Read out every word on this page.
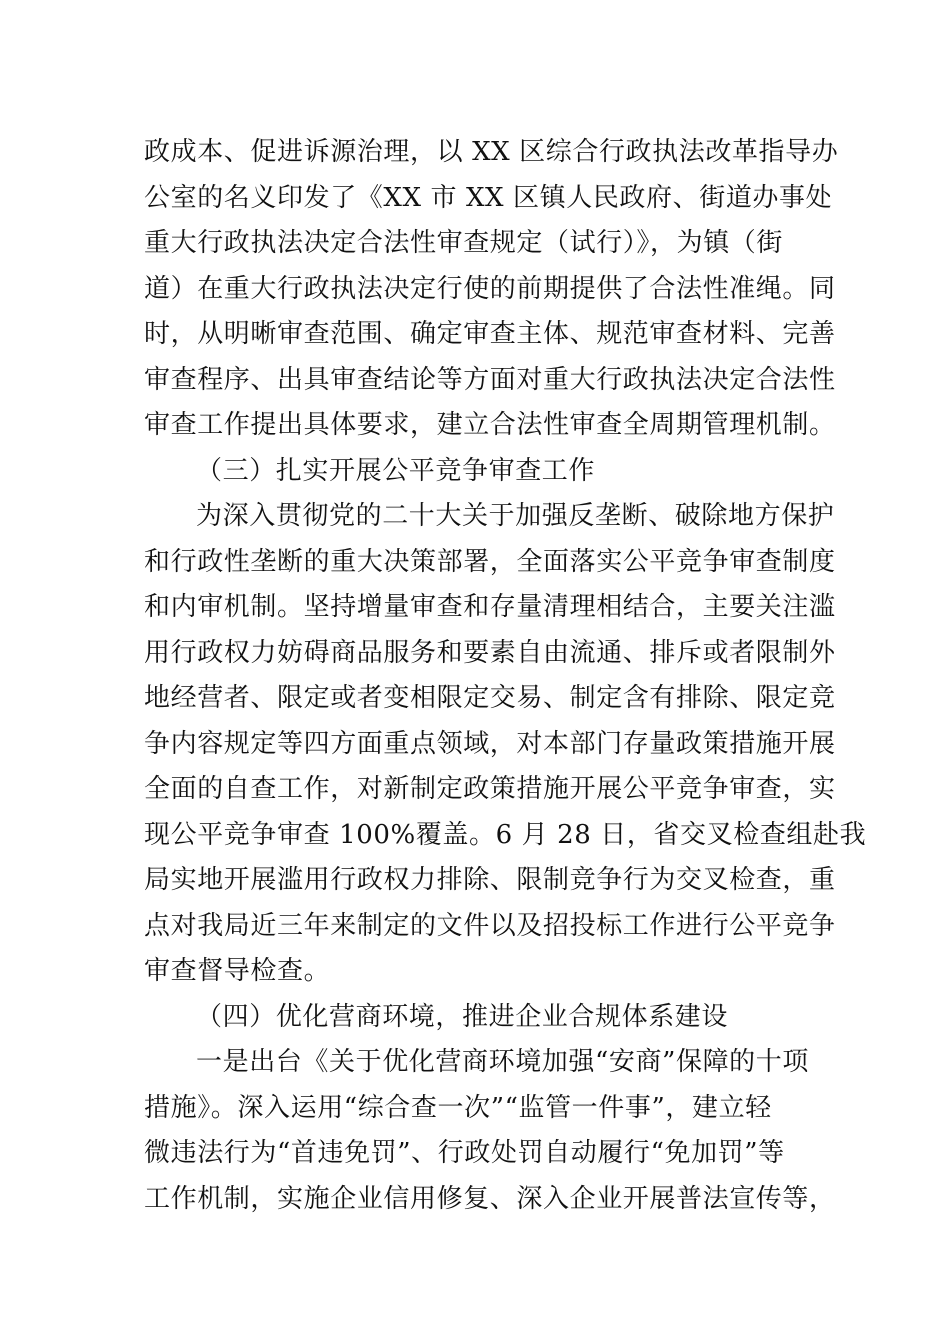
政成本、促进诉源治理，以 XX 区综合行政执法改革指导办
公室的名义印发了《XX 市 XX 区镇人民政府、街道办事处
重大行政执法决定合法性审查规定（试行）》，为镇（街
道）在重大行政执法决定行使的前期提供了合法性准绳。同
时，从明晰审查范围、确定审查主体、规范审查材料、完善
审查程序、出具审查结论等方面对重大行政执法决定合法性
审查工作提出具体要求，建立合法性审查全周期管理机制。
（三）扎实开展公平竞争审查工作
为深入贯彻党的二十大关于加强反垄断、破除地方保护
和行政性垄断的重大决策部署，全面落实公平竞争审查制度
和内审机制。坚持增量审查和存量清理相结合，主要关注滥
用行政权力妨碍商品服务和要素自由流通、排斥或者限制外
地经营者、限定或者变相限定交易、制定含有排除、限定竞
争内容规定等四方面重点领域，对本部门存量政策措施开展
全面的自查工作，对新制定政策措施开展公平竞争审查，实
现公平竞争审查 100%覆盖。6 月 28 日，省交叉检查组赴我
局实地开展滥用行政权力排除、限制竞争行为交叉检查，重
点对我局近三年来制定的文件以及招投标工作进行公平竞争
审查督导检查。
（四）优化营商环境，推进企业合规体系建设
一是出台《关于优化营商环境加强“安商”保障的十项
措施》。深入运用“综合查一次”“监管一件事”，建立轻
微违法行为“首违免罚”、行政处罚自动履行“免加罚”等
工作机制，实施企业信用修复、深入企业开展普法宣传等，
